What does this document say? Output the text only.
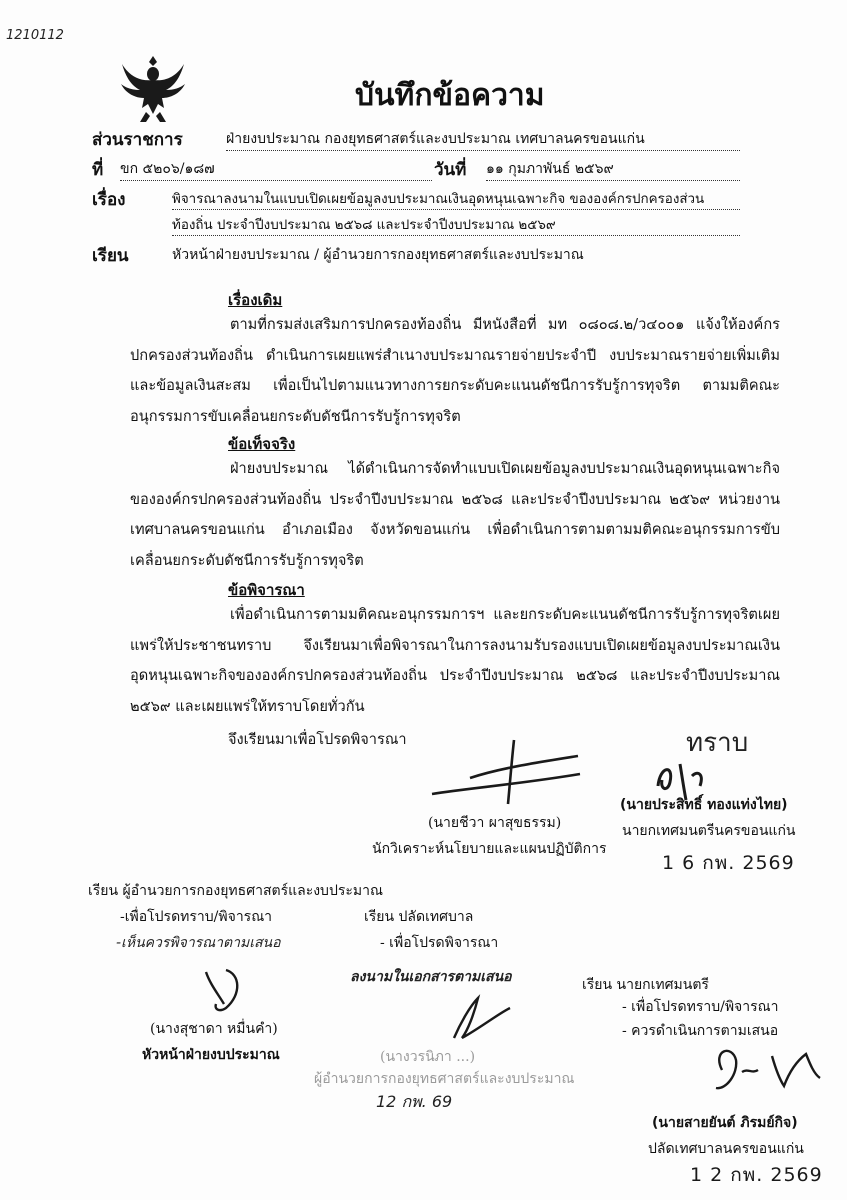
1210112
บันทึกข้อความ
ส่วนราชการ	ฝ่ายงบประมาณ กองยุทธศาสตร์และงบประมาณ เทศบาลนครขอนแก่น
ที่ ขก ๕๒๐๖/๑๘๗	วันที่ ๑๑ กุมภาพันธ์ ๒๕๖๙
เรื่อง	พิจารณาลงนามในแบบเปิดเผยข้อมูลงบประมาณเงินอุดหนุนเฉพาะกิจ ขององค์กรปกครองส่วน
ท้องถิ่น ประจำปีงบประมาณ ๒๕๖๘ และประจำปีงบประมาณ ๒๕๖๙
เรียน	หัวหน้าฝ่ายงบประมาณ / ผู้อำนวยการกองยุทธศาสตร์และงบประมาณ
เรื่องเดิม
ตามที่กรมส่งเสริมการปกครองท้องถิ่น มีหนังสือที่ มท ๐๘๐๘.๒/ว๔๐๐๑ แจ้งให้องค์กรปกครองส่วนท้องถิ่น ดำเนินการเผยแพร่สำเนางบประมาณรายจ่ายประจำปี งบประมาณรายจ่ายเพิ่มเติม และข้อมูลเงินสะสม เพื่อเป็นไปตามแนวทางการยกระดับคะแนนดัชนีการรับรู้การทุจริต ตามมติคณะอนุกรรมการขับเคลื่อนยกระดับดัชนีการรับรู้การทุจริต
ข้อเท็จจริง
ฝ่ายงบประมาณ ได้ดำเนินการจัดทำแบบเปิดเผยข้อมูลงบประมาณเงินอุดหนุนเฉพาะกิจขององค์กรปกครองส่วนท้องถิ่น ประจำปีงบประมาณ ๒๕๖๘ และประจำปีงบประมาณ ๒๕๖๙ หน่วยงานเทศบาลนครขอนแก่น อำเภอเมือง จังหวัดขอนแก่น เพื่อดำเนินการตามตามมติคณะอนุกรรมการขับเคลื่อนยกระดับดัชนีการรับรู้การทุจริต
ข้อพิจารณา
เพื่อดำเนินการตามมติคณะอนุกรรมการฯ และยกระดับคะแนนดัชนีการรับรู้การทุจริตเผยแพร่ให้ประชาชนทราบ จึงเรียนมาเพื่อพิจารณาในการลงนามรับรองแบบเปิดเผยข้อมูลงบประมาณเงินอุดหนุนเฉพาะกิจขององค์กรปกครองส่วนท้องถิ่น ประจำปีงบประมาณ ๒๕๖๘ และประจำปีงบประมาณ ๒๕๖๙ และเผยแพร่ให้ทราบโดยทั่วกัน
จึงเรียนมาเพื่อโปรดพิจารณา	ทราบ
(นายประสิทธิ์ ทองแท่งไทย)
นายกเทศมนตรีนครขอนแก่น
1 6 กพ. 2569
(นายชีวา ผาสุขธรรม)
นักวิเคราะห์นโยบายและแผนปฏิบัติการ
เรียน ผู้อำนวยการกองยุทธศาสตร์และงบประมาณ
-เพื่อโปรดทราบ/พิจารณา
-เห็นควรพิจารณาตามเสนอ
(นางสุชาดา หมื่นคำ)
หัวหน้าฝ่ายงบประมาณ
เรียน ปลัดเทศบาล
- เพื่อโปรดพิจารณา
ลงนามในเอกสารตามเสนอ
(นางวรนิภา ...)
ผู้อำนวยการกองยุทธศาสตร์และงบประมาณ
12 กพ. 69
เรียน นายกเทศมนตรี
- เพื่อโปรดทราบ/พิจารณา
- ควรดำเนินการตามเสนอ
(นายสายยันต์ ภิรมย์กิจ)
ปลัดเทศบาลนครขอนแก่น
1 2 กพ. 2569
